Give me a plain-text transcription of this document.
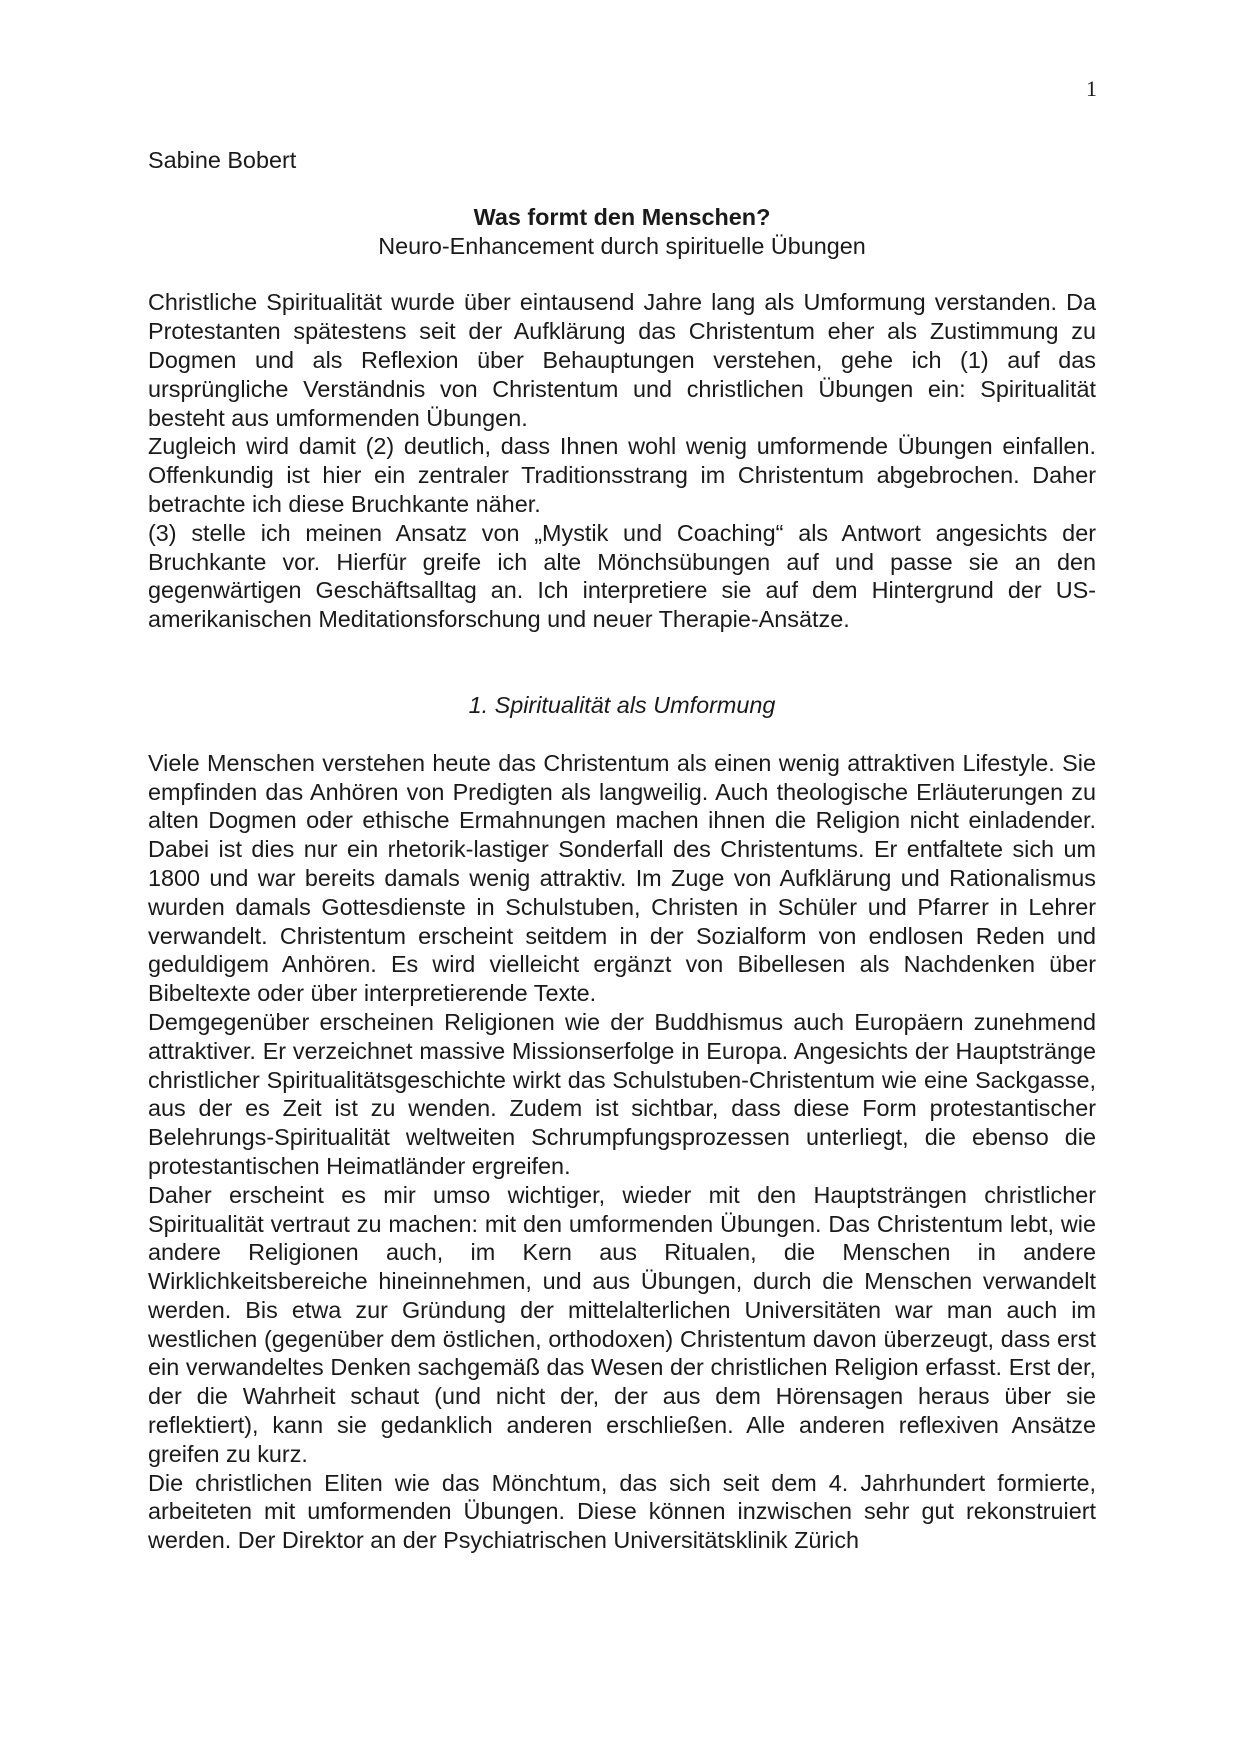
1

Sabine Bobert

Was formt den Menschen?
Neuro-Enhancement durch spirituelle Übungen

Christliche Spiritualität wurde über eintausend Jahre lang als Umformung verstanden. Da Protestanten spätestens seit der Aufklärung das Christentum eher als Zustimmung zu Dogmen und als Reflexion über Behauptungen verstehen, gehe ich (1) auf das ursprüngliche Verständnis von Christentum und christlichen Übungen ein: Spiritualität besteht aus umformenden Übungen.

Zugleich wird damit (2) deutlich, dass Ihnen wohl wenig umformende Übungen einfallen. Offenkundig ist hier ein zentraler Traditionsstrang im Christentum abgebrochen. Daher betrachte ich diese Bruchkante näher.

(3) stelle ich meinen Ansatz von „Mystik und Coaching“ als Antwort angesichts der Bruchkante vor. Hierfür greife ich alte Mönchsübungen auf und passe sie an den gegenwärtigen Geschäftsalltag an. Ich interpretiere sie auf dem Hintergrund der US-amerikanischen Meditationsforschung und neuer Therapie-Ansätze.

1. Spiritualität als Umformung

Viele Menschen verstehen heute das Christentum als einen wenig attraktiven Lifestyle. Sie empfinden das Anhören von Predigten als langweilig. Auch theologische Erläuterungen zu alten Dogmen oder ethische Ermahnungen machen ihnen die Religion nicht einladender. Dabei ist dies nur ein rhetorik-lastiger Sonderfall des Christentums. Er entfaltete sich um 1800 und war bereits damals wenig attraktiv. Im Zuge von Aufklärung und Rationalismus wurden damals Gottesdienste in Schulstuben, Christen in Schüler und Pfarrer in Lehrer verwandelt. Christentum erscheint seitdem in der Sozialform von endlosen Reden und geduldigem Anhören. Es wird vielleicht ergänzt von Bibellesen als Nachdenken über Bibeltexte oder über interpretierende Texte.

Demgegenüber erscheinen Religionen wie der Buddhismus auch Europäern zunehmend attraktiver. Er verzeichnet massive Missionserfolge in Europa. Angesichts der Hauptstränge christlicher Spiritualitätsgeschichte wirkt das Schulstuben-Christentum wie eine Sackgasse, aus der es Zeit ist zu wenden. Zudem ist sichtbar, dass diese Form protestantischer Belehrungs-Spiritualität weltweiten Schrumpfungsprozessen unterliegt, die ebenso die protestantischen Heimatländer ergreifen.

Daher erscheint es mir umso wichtiger, wieder mit den Hauptsträngen christlicher Spiritualität vertraut zu machen: mit den umformenden Übungen. Das Christentum lebt, wie andere Religionen auch, im Kern aus Ritualen, die Menschen in andere Wirklichkeitsbereiche hineinnehmen, und aus Übungen, durch die Menschen verwandelt werden. Bis etwa zur Gründung der mittelalterlichen Universitäten war man auch im westlichen (gegenüber dem östlichen, orthodoxen) Christentum davon überzeugt, dass erst ein verwandeltes Denken sachgemäß das Wesen der christlichen Religion erfasst. Erst der, der die Wahrheit schaut (und nicht der, der aus dem Hörensagen heraus über sie reflektiert), kann sie gedanklich anderen erschließen. Alle anderen reflexiven Ansätze greifen zu kurz.

Die christlichen Eliten wie das Mönchtum, das sich seit dem 4. Jahrhundert formierte, arbeiteten mit umformenden Übungen. Diese können inzwischen sehr gut rekonstruiert werden. Der Direktor an der Psychiatrischen Universitätsklinik Zürich
